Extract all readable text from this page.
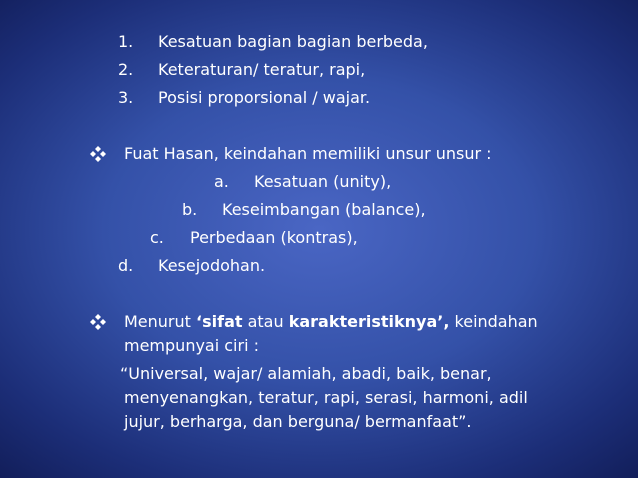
1. Kesatuan bagian bagian berbeda,
2. Keteraturan/ teratur, rapi,
3. Posisi proporsional / wajar.
Fuat Hasan, keindahan memiliki unsur unsur :
a. Kesatuan (unity),
b. Keseimbangan (balance),
c. Perbedaan (kontras),
d. Kesejodohan.
Menurut ‘sifat atau karakteristiknya’, keindahan
mempunyai ciri :
“Universal, wajar/ alamiah, abadi, baik, benar,
menyenangkan, teratur, rapi, serasi, harmoni, adil
jujur, berharga, dan berguna/ bermanfaat”.
